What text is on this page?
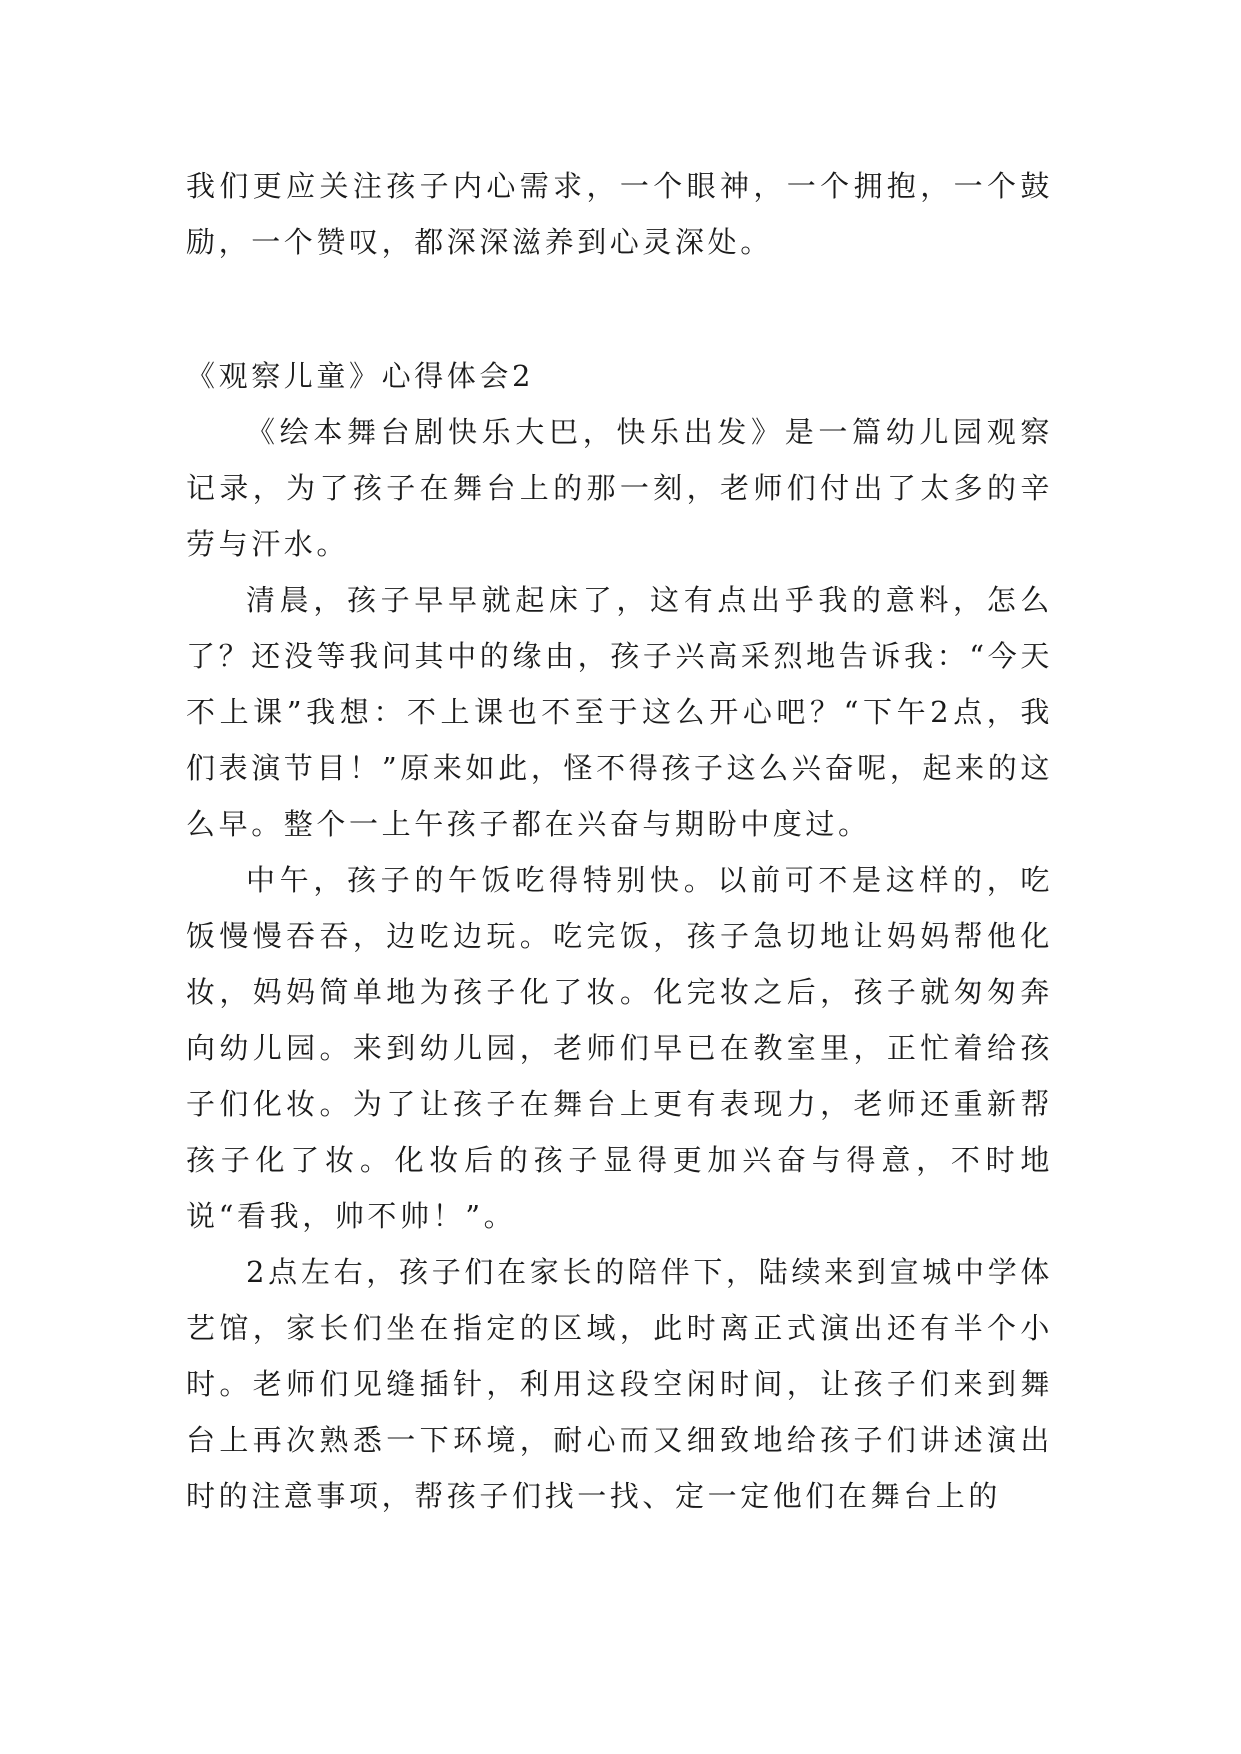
我们更应关注孩子内心需求，一个眼神，一个拥抱，一个鼓励，一个赞叹，都深深滋养到心灵深处。

《观察儿童》心得体会2

《绘本舞台剧快乐大巴，快乐出发》是一篇幼儿园观察记录，为了孩子在舞台上的那一刻，老师们付出了太多的辛劳与汗水。

清晨，孩子早早就起床了，这有点出乎我的意料，怎么了？还没等我问其中的缘由，孩子兴高采烈地告诉我：“今天不上课”我想：不上课也不至于这么开心吧？“下午2点，我们表演节目！”原来如此，怪不得孩子这么兴奋呢，起来的这么早。整个一上午孩子都在兴奋与期盼中度过。

中午，孩子的午饭吃得特别快。以前可不是这样的，吃饭慢慢吞吞，边吃边玩。吃完饭，孩子急切地让妈妈帮他化妆，妈妈简单地为孩子化了妆。化完妆之后，孩子就匆匆奔向幼儿园。来到幼儿园，老师们早已在教室里，正忙着给孩子们化妆。为了让孩子在舞台上更有表现力，老师还重新帮孩子化了妆。化妆后的孩子显得更加兴奋与得意，不时地说“看我，帅不帅！”。

2点左右，孩子们在家长的陪伴下，陆续来到宣城中学体艺馆，家长们坐在指定的区域，此时离正式演出还有半个小时。老师们见缝插针，利用这段空闲时间，让孩子们来到舞台上再次熟悉一下环境，耐心而又细致地给孩子们讲述演出时的注意事项，帮孩子们找一找、定一定他们在舞台上的
